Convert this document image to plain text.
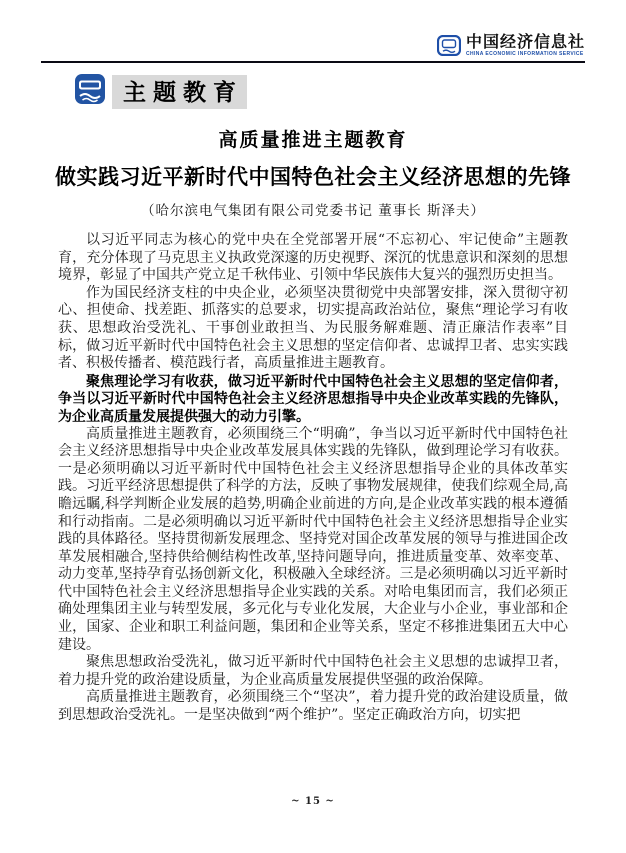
中国经济信息社
CHINA ECONOMIC INFORMATION SERVICE
主题教育
高质量推进主题教育
做实践习近平新时代中国特色社会主义经济思想的先锋
（哈尔滨电气集团有限公司党委书记 董事长 斯泽夫）

以习近平同志为核心的党中央在全党部署开展“不忘初心、牢记使命”主题教育，充分体现了马克思主义执政党深邃的历史视野、深沉的忧患意识和深刻的思想境界，彰显了中国共产党立足千秋伟业、引领中华民族伟大复兴的强烈历史担当。

作为国民经济支柱的中央企业，必须坚决贯彻党中央部署安排，深入贯彻守初心、担使命、找差距、抓落实的总要求，切实提高政治站位，聚焦“理论学习有收获、思想政治受洗礼、干事创业敢担当、为民服务解难题、清正廉洁作表率”目标，做习近平新时代中国特色社会主义思想的坚定信仰者、忠诚捍卫者、忠实实践者、积极传播者、模范践行者，高质量推进主题教育。

聚焦理论学习有收获，做习近平新时代中国特色社会主义思想的坚定信仰者，争当以习近平新时代中国特色社会主义经济思想指导中央企业改革实践的先锋队，为企业高质量发展提供强大的动力引擎。

高质量推进主题教育，必须围绕三个“明确”，争当以习近平新时代中国特色社会主义经济思想指导中央企业改革发展具体实践的先锋队，做到理论学习有收获。一是必须明确以习近平新时代中国特色社会主义经济思想指导企业的具体改革实践。习近平经济思想提供了科学的方法，反映了事物发展规律，使我们综观全局,高瞻远瞩,科学判断企业发展的趋势,明确企业前进的方向,是企业改革实践的根本遵循和行动指南。二是必须明确以习近平新时代中国特色社会主义经济思想指导企业实践的具体路径。坚持贯彻新发展理念、坚持党对国企改革发展的领导与推进国企改革发展相融合,坚持供给侧结构性改革,坚持问题导向，推进质量变革、效率变革、动力变革,坚持孕育弘扬创新文化，积极融入全球经济。三是必须明确以习近平新时代中国特色社会主义经济思想指导企业实践的关系。对哈电集团而言，我们必须正确处理集团主业与转型发展，多元化与专业化发展，大企业与小企业，事业部和企业，国家、企业和职工利益问题，集团和企业等关系，坚定不移推进集团五大中心建设。

聚焦思想政治受洗礼，做习近平新时代中国特色社会主义思想的忠诚捍卫者，着力提升党的政治建设质量，为企业高质量发展提供坚强的政治保障。

高质量推进主题教育，必须围绕三个“坚决”，着力提升党的政治建设质量，做到思想政治受洗礼。一是坚决做到“两个维护”。坚定正确政治方向，切实把

~ 15 ~
